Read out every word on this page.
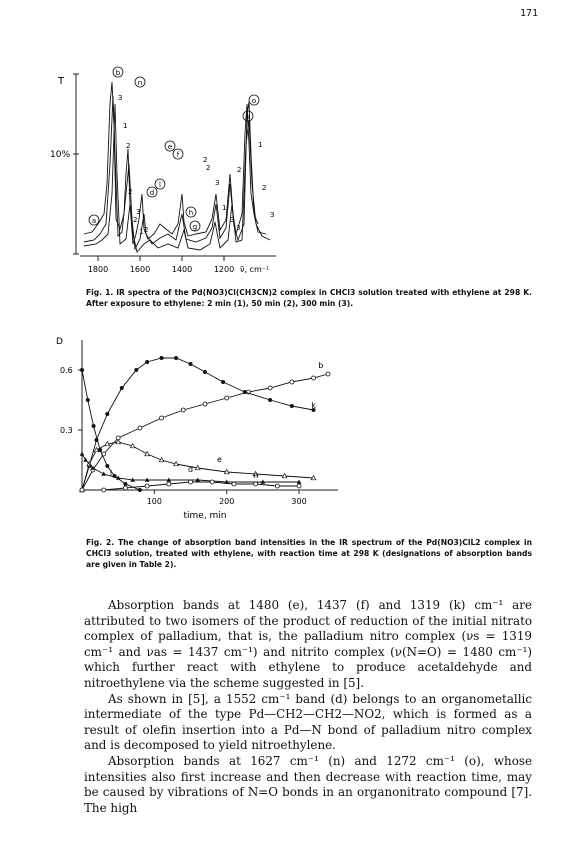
171
T
10%
1800	1600	1400	1200 ν̃, cm⁻¹
b
n
o
k
e
f
d
l
h
g
a
3
1
2
2
3
2
1 2
2
2
3
2
1
3
3
1
2
3
Fig. 1. IR spectra of the Pd(NO3)Cl(CH3CN)2 complex in CHCl3 solution treated with ethylene at 298 K. After exposure to ethylene: 2 min (1), 50 min (2), 300 min (3).
D
0.3
0.6
100	200	300
time, min
b
k
e
d
l	n
Fig. 2. The change of absorption band intensities in the IR spectrum of the Pd(NO3)ClL2 complex in CHCl3 solution, treated with ethylene, with reaction time at 298 K (designations of absorption bands are given in Table 2).

Absorption bands at 1480 (e), 1437 (f) and 1319 (k) cm⁻¹ are attributed to two isomers of the product of reduction of the initial nitrato complex of palladium, that is, the palladium nitro complex (νs = 1319 cm⁻¹ and νas = 1437 cm⁻¹) and nitrito complex (ν(N=O) = 1480 cm⁻¹) which further react with ethylene to produce acetaldehyde and nitroethylene via the scheme suggested in [5].

As shown in [5], a 1552 cm⁻¹ band (d) belongs to an organometallic intermediate of the type Pd—CH2—CH2—NO2, which is formed as a result of olefin insertion into a Pd—N bond of palladium nitro complex and is decomposed to yield nitroethylene.

Absorption bands at 1627 cm⁻¹ (n) and 1272 cm⁻¹ (o), whose intensities also first increase and then decrease with reaction time, may be caused by vibrations of N=O bonds in an organonitrato compound [7]. The high
